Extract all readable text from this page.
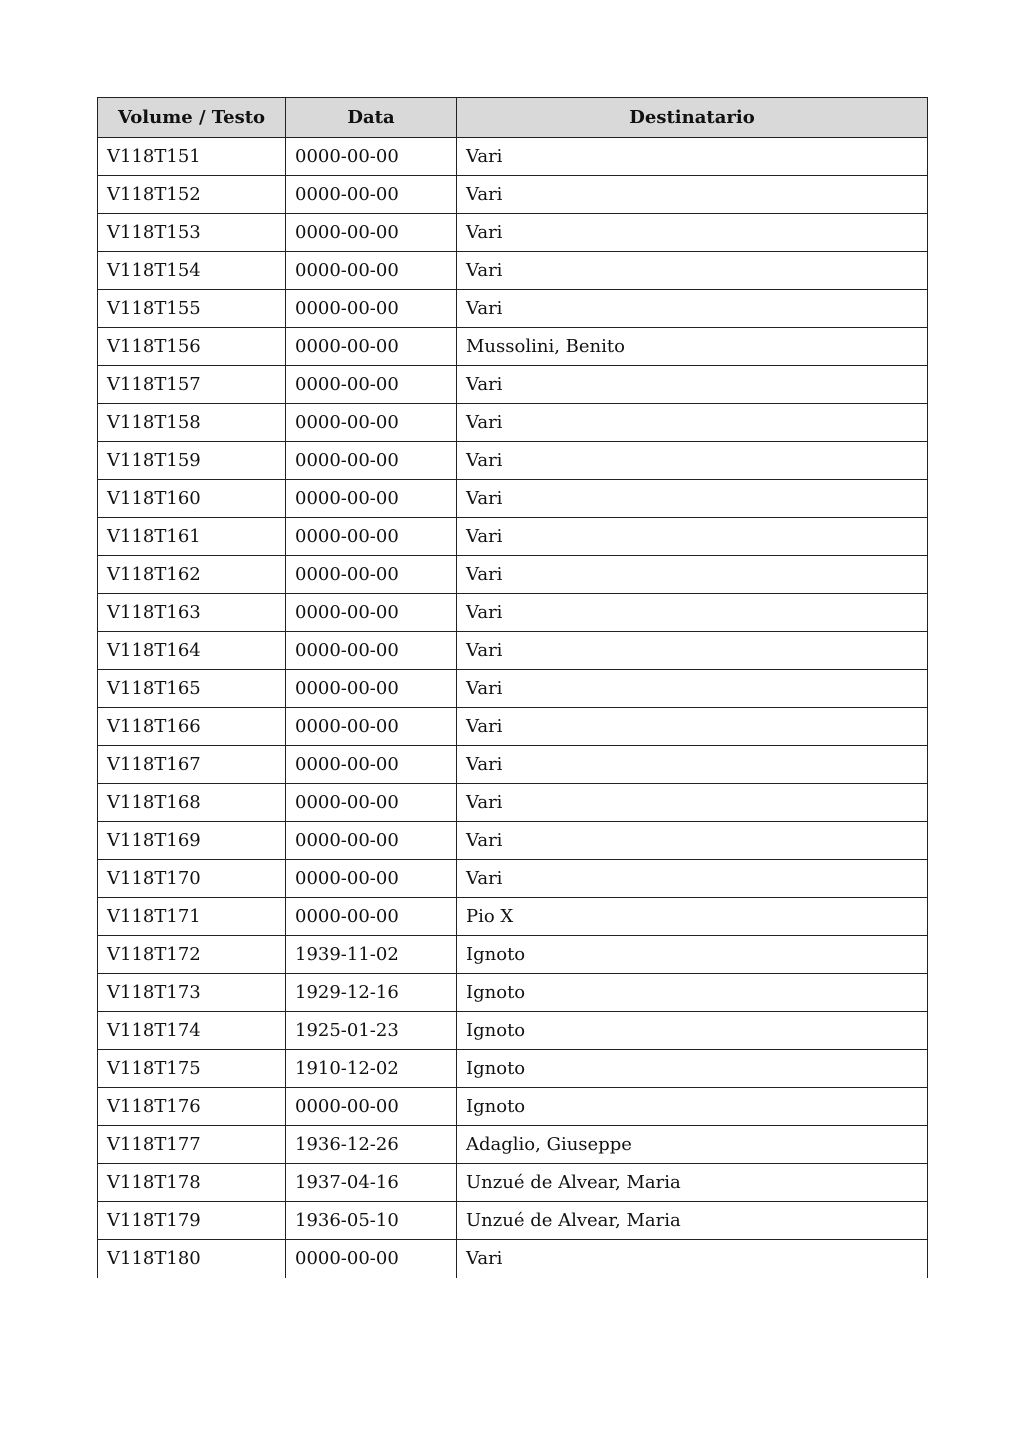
Volume / Testo	Data	Destinatario
V118T151	0000-00-00	Vari
V118T152	0000-00-00	Vari
V118T153	0000-00-00	Vari
V118T154	0000-00-00	Vari
V118T155	0000-00-00	Vari
V118T156	0000-00-00	Mussolini, Benito
V118T157	0000-00-00	Vari
V118T158	0000-00-00	Vari
V118T159	0000-00-00	Vari
V118T160	0000-00-00	Vari
V118T161	0000-00-00	Vari
V118T162	0000-00-00	Vari
V118T163	0000-00-00	Vari
V118T164	0000-00-00	Vari
V118T165	0000-00-00	Vari
V118T166	0000-00-00	Vari
V118T167	0000-00-00	Vari
V118T168	0000-00-00	Vari
V118T169	0000-00-00	Vari
V118T170	0000-00-00	Vari
V118T171	0000-00-00	Pio X
V118T172	1939-11-02	Ignoto
V118T173	1929-12-16	Ignoto
V118T174	1925-01-23	Ignoto
V118T175	1910-12-02	Ignoto
V118T176	0000-00-00	Ignoto
V118T177	1936-12-26	Adaglio, Giuseppe
V118T178	1937-04-16	Unzué de Alvear, Maria
V118T179	1936-05-10	Unzué de Alvear, Maria
V118T180	0000-00-00	Vari
